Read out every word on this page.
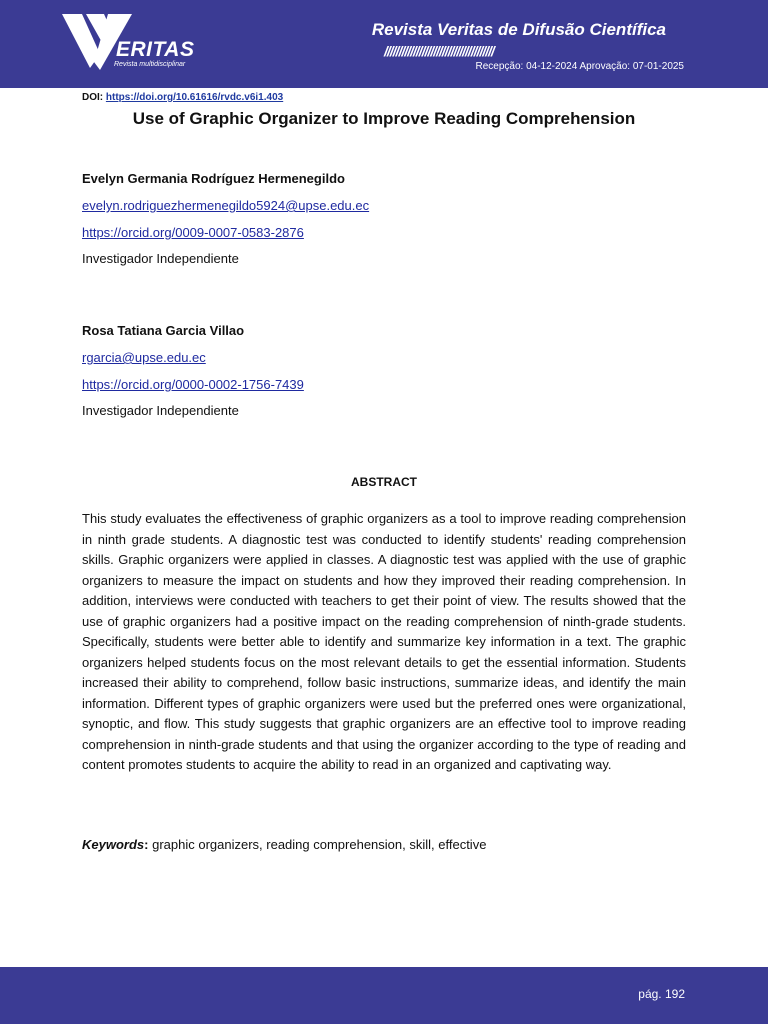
ERITAS
Revista multidisciplinar
Revista Veritas de Difusão Científica
//////////////////////////////////////
Recepção: 04-12-2024 Aprovação: 07-01-2025
DOI: https://doi.org/10.61616/rvdc.v6i1.403
Use of Graphic Organizer to Improve Reading Comprehension
Evelyn Germania Rodríguez Hermenegildo
evelyn.rodriguezhermenegildo5924@upse.edu.ec
https://orcid.org/0009-0007-0583-2876
Investigador Independiente
Rosa Tatiana Garcia Villao
rgarcia@upse.edu.ec
https://orcid.org/0000-0002-1756-7439
Investigador Independiente
ABSTRACT
This study evaluates the effectiveness of graphic organizers as a tool to improve reading comprehension in ninth grade students. A diagnostic test was conducted to identify students' reading comprehension skills. Graphic organizers were applied in classes. A diagnostic test was applied with the use of graphic organizers to measure the impact on students and how they improved their reading comprehension. In addition, interviews were conducted with teachers to get their point of view. The results showed that the use of graphic organizers had a positive impact on the reading comprehension of ninth-grade students. Specifically, students were better able to identify and summarize key information in a text. The graphic organizers helped students focus on the most relevant details to get the essential information. Students increased their ability to comprehend, follow basic instructions, summarize ideas, and identify the main information. Different types of graphic organizers were used but the preferred ones were organizational, synoptic, and flow. This study suggests that graphic organizers are an effective tool to improve reading comprehension in ninth-grade students and that using the organizer according to the type of reading and content promotes students to acquire the ability to read in an organized and captivating way.
Keywords: graphic organizers, reading comprehension, skill, effective
pág. 192
